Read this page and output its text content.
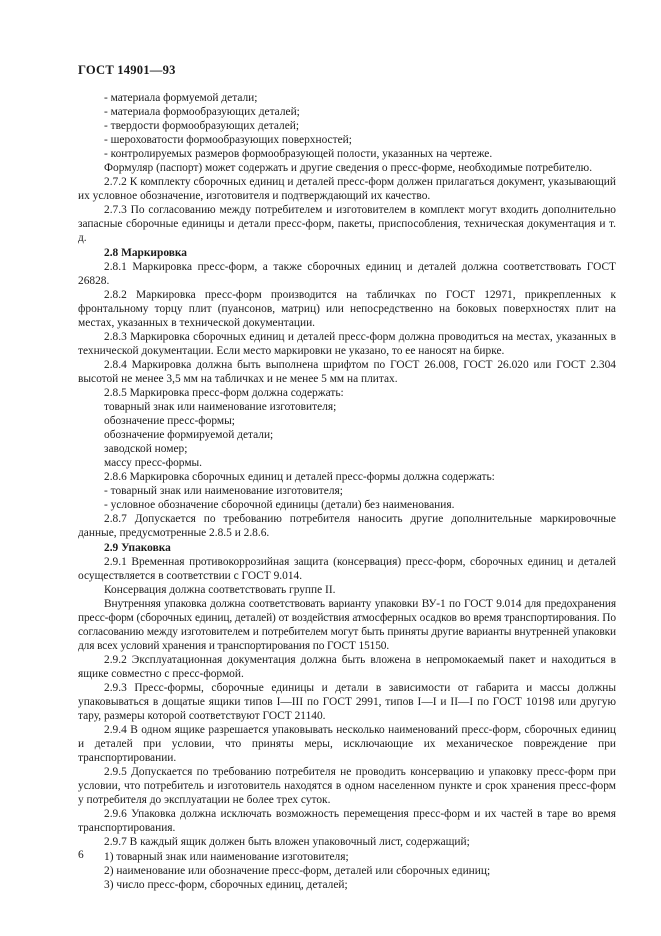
ГОСТ 14901—93

- материала формуемой детали;

- материала формообразующих деталей;

- твердости формообразующих деталей;

- шероховатости формообразующих поверхностей;

- контролируемых размеров формообразующей полости, указанных на чертеже.

Формуляр (паспорт) может содержать и другие сведения о пресс-форме, необходимые потребителю.

2.7.2 К комплекту сборочных единиц и деталей пресс-форм должен прилагаться документ, указывающий их условное обозначение, изготовителя и подтверждающий их качество.

2.7.3 По согласованию между потребителем и изготовителем в комплект могут входить дополнительно запасные сборочные единицы и детали пресс-форм, пакеты, приспособления, техническая документация и т. д.

2.8 Маркировка

2.8.1 Маркировка пресс-форм, а также сборочных единиц и деталей должна соответствовать ГОСТ 26828.

2.8.2 Маркировка пресс-форм производится на табличках по ГОСТ 12971, прикрепленных к фронтальному торцу плит (пуансонов, матриц) или непосредственно на боковых поверхностях плит на местах, указанных в технической документации.

2.8.3 Маркировка сборочных единиц и деталей пресс-форм должна проводиться на местах, указанных в технической документации. Если место маркировки не указано, то ее наносят на бирке.

2.8.4 Маркировка должна быть выполнена шрифтом по ГОСТ 26.008, ГОСТ 26.020 или ГОСТ 2.304 высотой не менее 3,5 мм на табличках и не менее 5 мм на плитах.

2.8.5 Маркировка пресс-форм должна содержать:

товарный знак или наименование изготовителя;

обозначение пресс-формы;

обозначение формируемой детали;

заводской номер;

массу пресс-формы.

2.8.6 Маркировка сборочных единиц и деталей пресс-формы должна содержать:

- товарный знак или наименование изготовителя;

- условное обозначение сборочной единицы (детали) без наименования.

2.8.7 Допускается по требованию потребителя наносить другие дополнительные маркировочные данные, предусмотренные 2.8.5 и 2.8.6.

2.9 Упаковка

2.9.1 Временная противокоррозийная защита (консервация) пресс-форм, сборочных единиц и деталей осуществляется в соответствии с ГОСТ 9.014.

Консервация должна соответствовать группе II.

Внутренняя упаковка должна соответствовать варианту упаковки ВУ-1 по ГОСТ 9.014 для предохранения пресс-форм (сборочных единиц, деталей) от воздействия атмосферных осадков во время транспортирования. По согласованию между изготовителем и потребителем могут быть приняты другие варианты внутренней упаковки для всех условий хранения и транспортирования по ГОСТ 15150.

2.9.2 Эксплуатационная документация должна быть вложена в непромокаемый пакет и находиться в ящике совместно с пресс-формой.

2.9.3 Пресс-формы, сборочные единицы и детали в зависимости от габарита и массы должны упаковываться в дощатые ящики типов I—III по ГОСТ 2991, типов I—I и II—I по ГОСТ 10198 или другую тару, размеры которой соответствуют ГОСТ 21140.

2.9.4 В одном ящике разрешается упаковывать несколько наименований пресс-форм, сборочных единиц и деталей при условии, что приняты меры, исключающие их механическое повреждение при транспортировании.

2.9.5 Допускается по требованию потребителя не проводить консервацию и упаковку пресс-форм при условии, что потребитель и изготовитель находятся в одном населенном пункте и срок хранения пресс-форм у потребителя до эксплуатации не более трех суток.

2.9.6 Упаковка должна исключать возможность перемещения пресс-форм и их частей в таре во время транспортирования.

2.9.7 В каждый ящик должен быть вложен упаковочный лист, содержащий;

1) товарный знак или наименование изготовителя;

2) наименование или обозначение пресс-форм, деталей или сборочных единиц;

3) число пресс-форм, сборочных единиц, деталей;

6
